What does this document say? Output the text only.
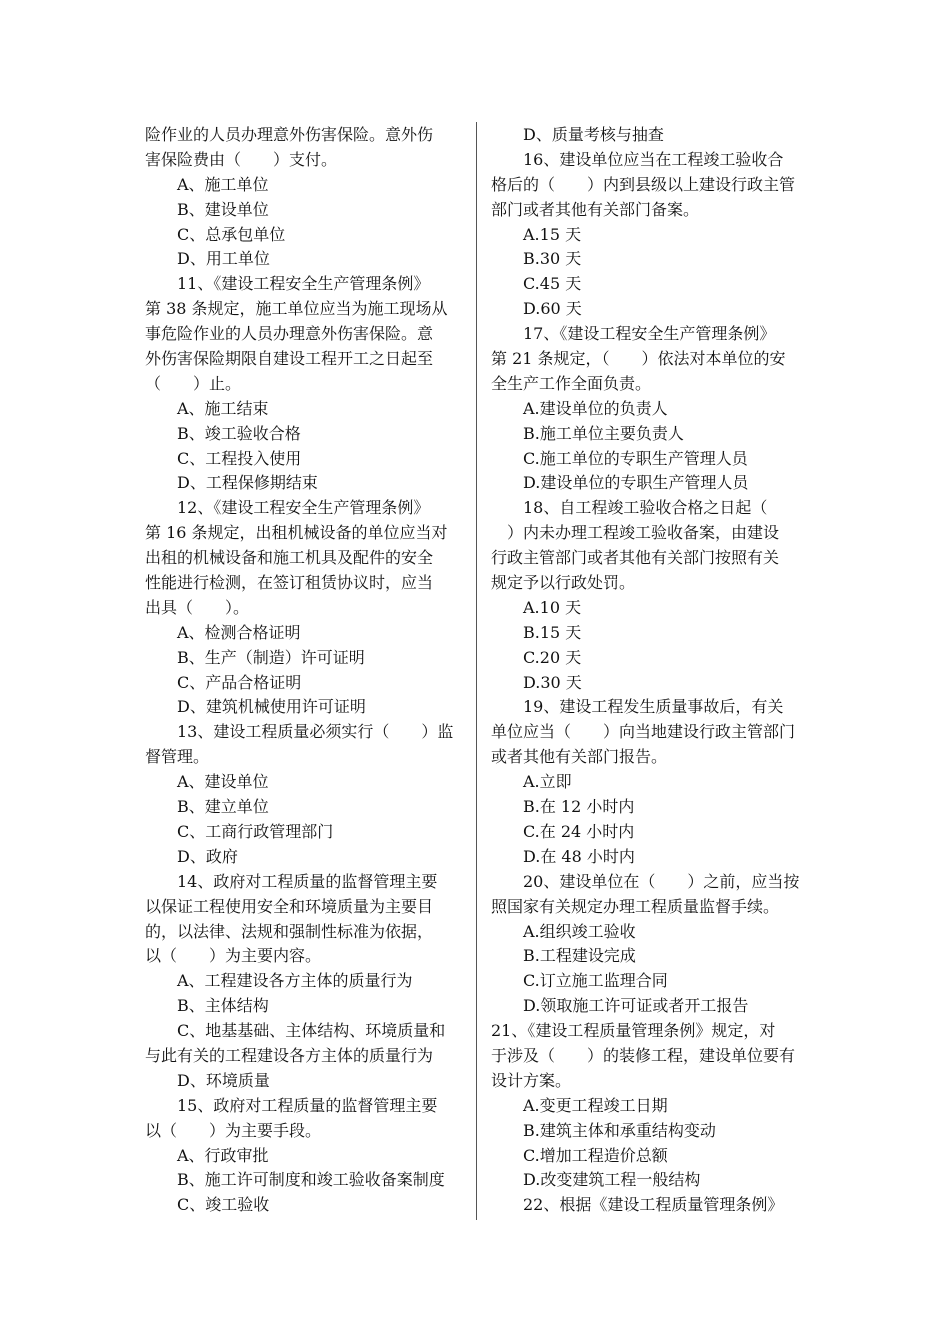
险作业的人员办理意外伤害保险。意外伤
害保险费由（　　）支付。
A、施工单位
B、建设单位
C、总承包单位
D、用工单位
11、《建设工程安全生产管理条例》
第 38 条规定，施工单位应当为施工现场从
事危险作业的人员办理意外伤害保险。意
外伤害保险期限自建设工程开工之日起至
（　　）止。
A、施工结束
B、竣工验收合格
C、工程投入使用
D、工程保修期结束
12、《建设工程安全生产管理条例》
第 16 条规定，出租机械设备的单位应当对
出租的机械设备和施工机具及配件的安全
性能进行检测，在签订租赁协议时，应当
出具（　　）。
A、检测合格证明
B、生产（制造）许可证明
C、产品合格证明
D、建筑机械使用许可证明
13、建设工程质量必须实行（　　）监
督管理。
A、建设单位
B、建立单位
C、工商行政管理部门
D、政府
14、政府对工程质量的监督管理主要
以保证工程使用安全和环境质量为主要目
的，以法律、法规和强制性标准为依据，
以（　　）为主要内容。
A、工程建设各方主体的质量行为
B、主体结构
C、地基基础、主体结构、环境质量和
与此有关的工程建设各方主体的质量行为
D、环境质量
15、政府对工程质量的监督管理主要
以（　　）为主要手段。
A、行政审批
B、施工许可制度和竣工验收备案制度
C、竣工验收
D、质量考核与抽查
16、建设单位应当在工程竣工验收合
格后的（　　）内到县级以上建设行政主管
部门或者其他有关部门备案。
A.15 天
B.30 天
C.45 天
D.60 天
17、《建设工程安全生产管理条例》
第 21 条规定，（　　）依法对本单位的安
全生产工作全面负责。
A.建设单位的负责人
B.施工单位主要负责人
C.施工单位的专职生产管理人员
D.建设单位的专职生产管理人员
18、自工程竣工验收合格之日起（
　）内未办理工程竣工验收备案，由建设
行政主管部门或者其他有关部门按照有关
规定予以行政处罚。
A.10 天
B.15 天
C.20 天
D.30 天
19、建设工程发生质量事故后，有关
单位应当（　　）向当地建设行政主管部门
或者其他有关部门报告。
A.立即
B.在 12 小时内
C.在 24 小时内
D.在 48 小时内
20、建设单位在（　　）之前，应当按
照国家有关规定办理工程质量监督手续。
A.组织竣工验收
B.工程建设完成
C.订立施工监理合同
D.领取施工许可证或者开工报告
21、《建设工程质量管理条例》规定，对
于涉及（　　）的装修工程，建设单位要有
设计方案。
A.变更工程竣工日期
B.建筑主体和承重结构变动
C.增加工程造价总额
D.改变建筑工程一般结构
22、根据《建设工程质量管理条例》
